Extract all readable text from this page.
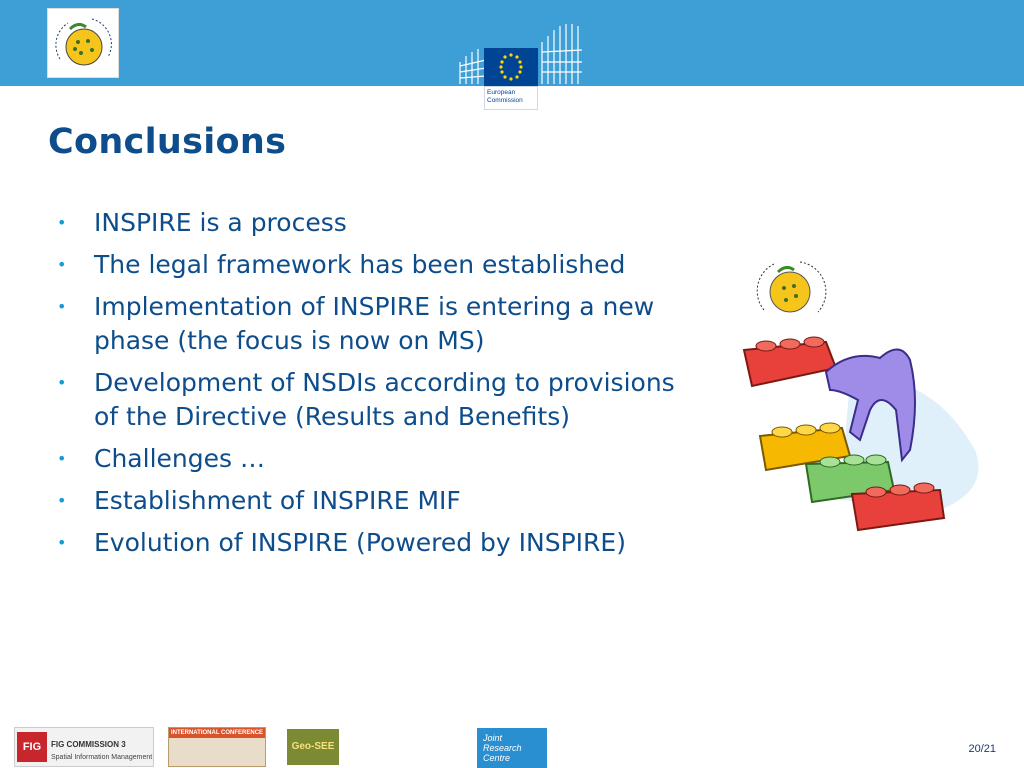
European
Commission
Conclusions
• INSPIRE is a process
• The legal framework has been established
• Implementation of INSPIRE is entering a new phase (the focus is now on MS)
• Development of NSDIs according to provisions of the Directive (Results and Benefits)
• Challenges …
• Establishment of INSPIRE MIF
• Evolution of INSPIRE (Powered by INSPIRE)
FIG	FIG COMMISSION 3
Spatial Information Management
INTERNATIONAL CONFERENCE
Geo-SEE
Joint
Research
Centre
20/21
